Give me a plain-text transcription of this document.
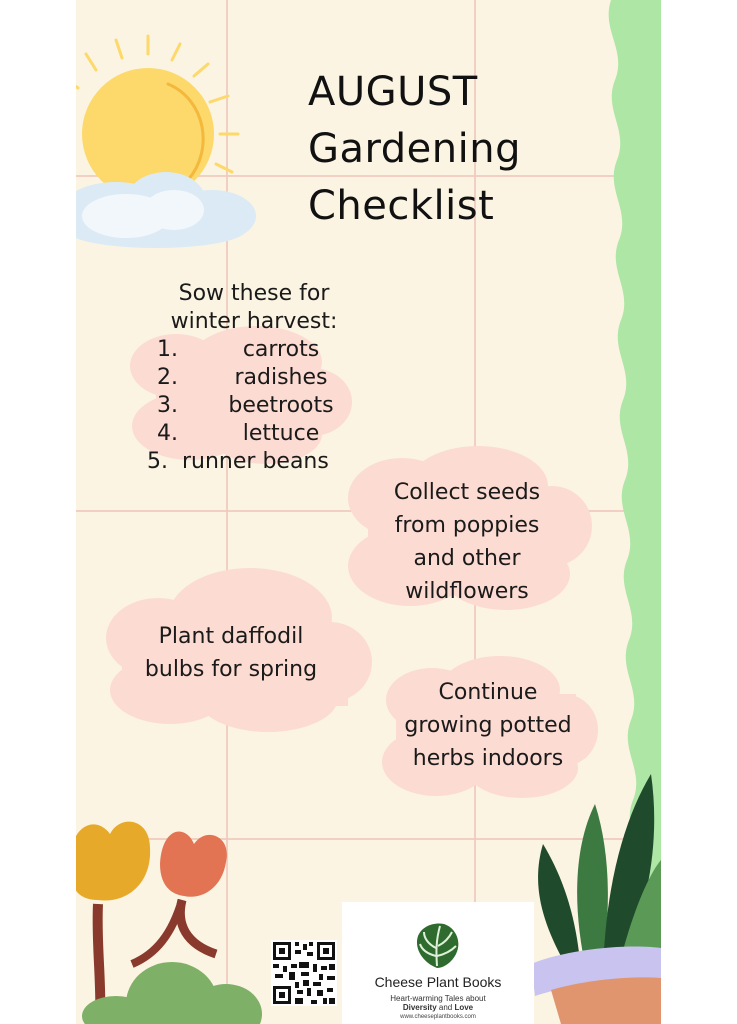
AUGUST
Gardening
Checklist
Sow these for
winter harvest:
1.	carrots
2.	radishes
3.	beetroots
4.	lettuce
5. runner beans
Collect seeds
from poppies
and other
wildflowers
Plant daffodil
bulbs for spring
Continue
growing potted
herbs indoors
Cheese Plant Books
Heart-warming Tales about
Diversity and Love
www.cheeseplantbooks.com
